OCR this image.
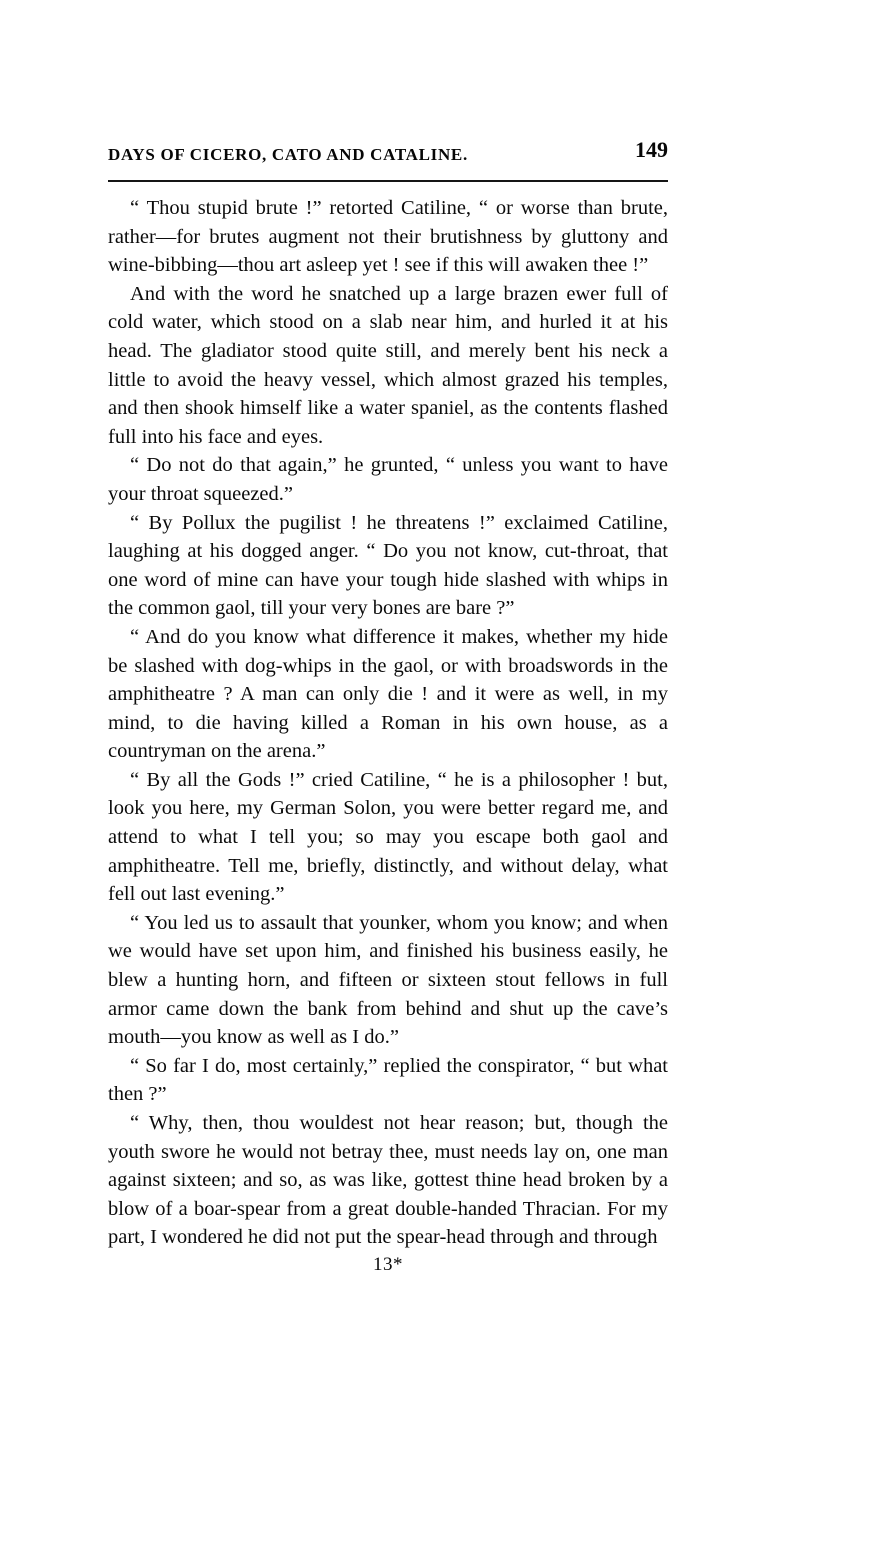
DAYS OF CICERO, CATO AND CATALINE.	149

“ Thou stupid brute !” retorted Catiline, “ or worse than brute, rather—for brutes augment not their brutishness by gluttony and wine-bibbing—thou art asleep yet ! see if this will awaken thee !”

And with the word he snatched up a large brazen ewer full of cold water, which stood on a slab near him, and hurled it at his head. The gladiator stood quite still, and merely bent his neck a little to avoid the heavy vessel, which almost grazed his temples, and then shook himself like a water spaniel, as the contents flashed full into his face and eyes.

“ Do not do that again,” he grunted, “ unless you want to have your throat squeezed.”

“ By Pollux the pugilist ! he threatens !” exclaimed Catiline, laughing at his dogged anger. “ Do you not know, cut-throat, that one word of mine can have your tough hide slashed with whips in the common gaol, till your very bones are bare ?”

“ And do you know what difference it makes, whether my hide be slashed with dog-whips in the gaol, or with broadswords in the amphitheatre ? A man can only die ! and it were as well, in my mind, to die having killed a Roman in his own house, as a countryman on the arena.”

“ By all the Gods !” cried Catiline, “ he is a philosopher ! but, look you here, my German Solon, you were better regard me, and attend to what I tell you; so may you escape both gaol and amphitheatre. Tell me, briefly, distinctly, and without delay, what fell out last evening.”

“ You led us to assault that younker, whom you know; and when we would have set upon him, and finished his business easily, he blew a hunting horn, and fifteen or sixteen stout fellows in full armor came down the bank from behind and shut up the cave’s mouth—you know as well as I do.”

“ So far I do, most certainly,” replied the conspirator, “ but what then ?”

“ Why, then, thou wouldest not hear reason; but, though the youth swore he would not betray thee, must needs lay on, one man against sixteen; and so, as was like, gottest thine head broken by a blow of a boar-spear from a great double-handed Thracian. For my part, I wondered he did not put the spear-head through and through

13*
